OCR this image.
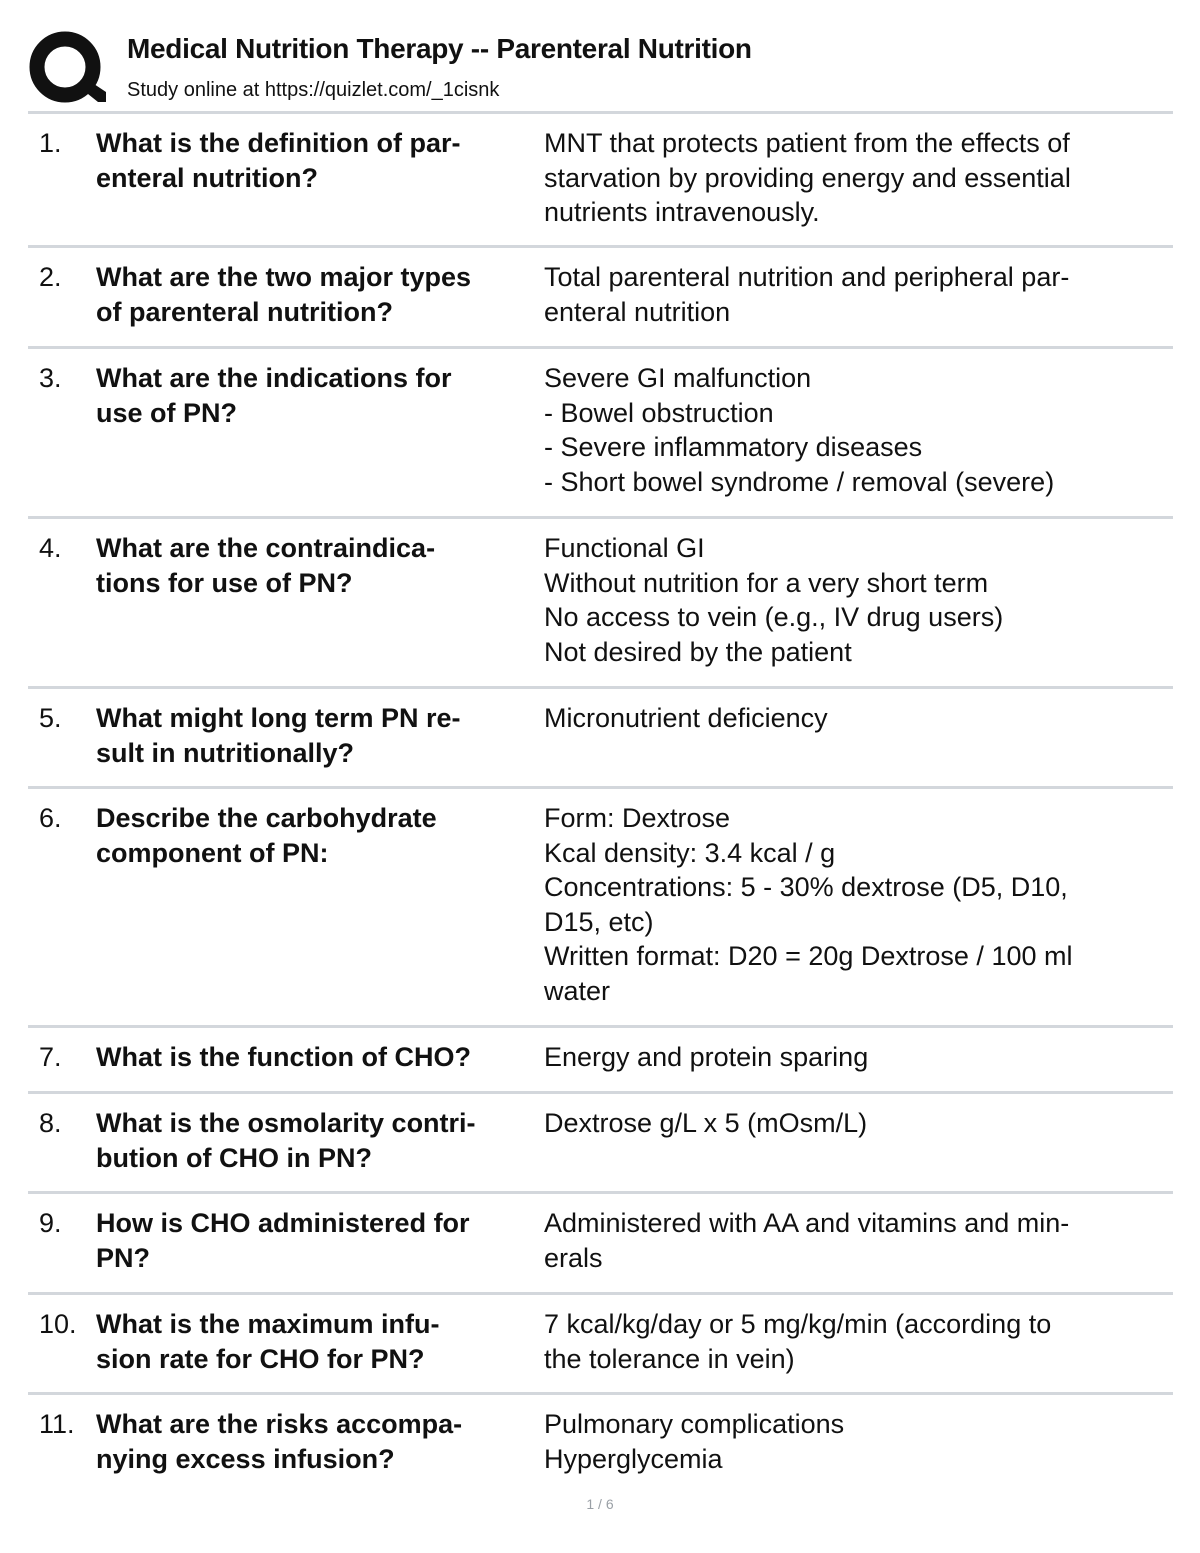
Medical Nutrition Therapy -- Parenteral Nutrition
Study online at https://quizlet.com/_1cisnk
1. What is the definition of par-
enteral nutrition?
MNT that protects patient from the effects of
starvation by providing energy and essential
nutrients intravenously.
2. What are the two major types
of parenteral nutrition?
Total parenteral nutrition and peripheral par-
enteral nutrition
3. What are the indications for
use of PN?
Severe GI malfunction
- Bowel obstruction
- Severe inflammatory diseases
- Short bowel syndrome / removal (severe)
4. What are the contraindica-
tions for use of PN?
Functional GI
Without nutrition for a very short term
No access to vein (e.g., IV drug users)
Not desired by the patient
5. What might long term PN re-
sult in nutritionally?
Micronutrient deficiency
6. Describe the carbohydrate
component of PN:
Form: Dextrose
Kcal density: 3.4 kcal / g
Concentrations: 5 - 30% dextrose (D5, D10,
D15, etc)
Written format: D20 = 20g Dextrose / 100 ml
water
7. What is the function of CHO?	Energy and protein sparing
8. What is the osmolarity contri-
bution of CHO in PN?
Dextrose g/L x 5 (mOsm/L)
9. How is CHO administered for
PN?
Administered with AA and vitamins and min-
erals
10. What is the maximum infu-
sion rate for CHO for PN?
7 kcal/kg/day or 5 mg/kg/min (according to
the tolerance in vein)
11. What are the risks accompa-
nying excess infusion?
Pulmonary complications
Hyperglycemia
1 / 6
